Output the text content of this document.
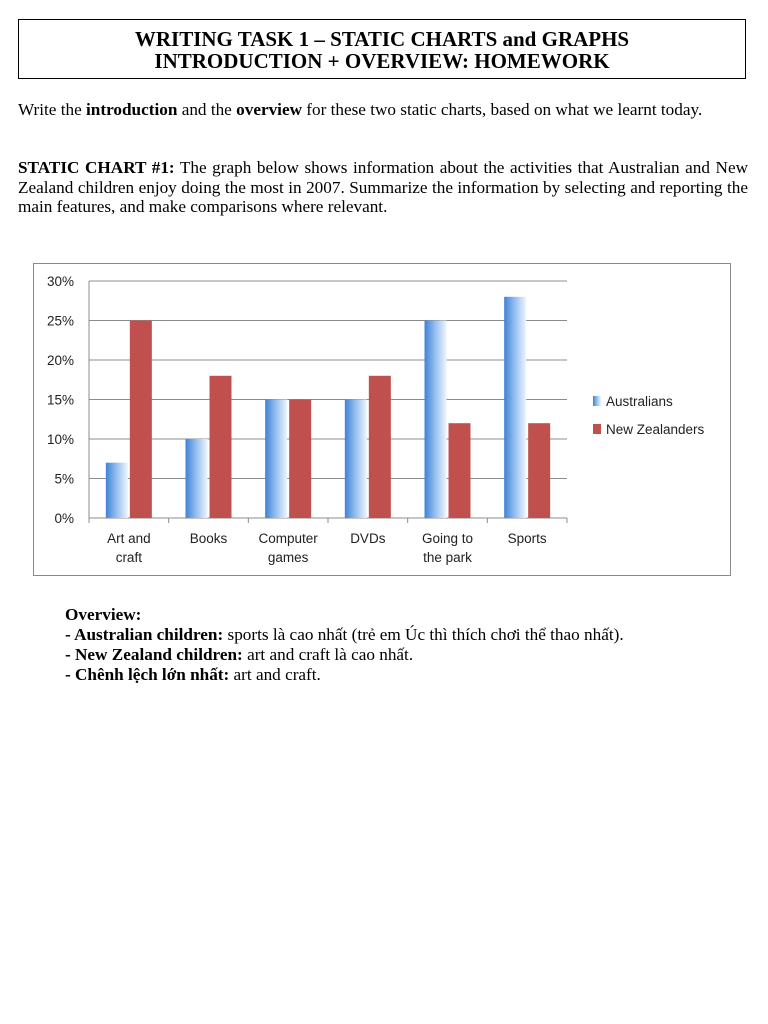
WRITING TASK 1 – STATIC CHARTS and GRAPHS
INTRODUCTION + OVERVIEW: HOMEWORK
Write the introduction and the overview for these two static charts, based on what we learnt today.
STATIC CHART #1: The graph below shows information about the activities that Australian and New Zealand children enjoy doing the most in 2007. Summarize the information by selecting and reporting the main features, and make comparisons where relevant.
0%
5%
10%
15%
20%
25%
30%
Art and
craft
Books Computer
games
DVDs	Going to
the park
Sports
Australians
New Zealanders
Overview:
- Australian children: sports là cao nhất (trẻ em Úc thì thích chơi thể thao nhất).
- New Zealand children: art and craft là cao nhất.
- Chênh lệch lớn nhất: art and craft.
